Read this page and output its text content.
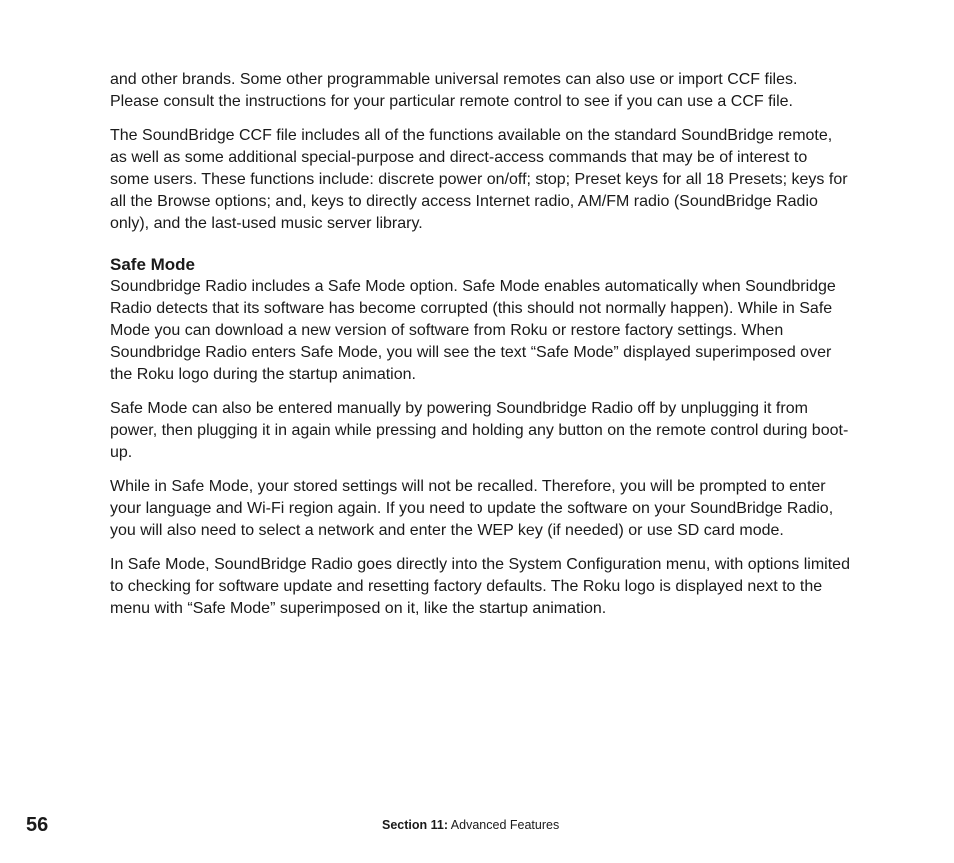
and other brands. Some other programmable universal remotes can also use or import CCF files. Please consult the instructions for your particular remote control to see if you can use a CCF file.

The SoundBridge CCF file includes all of the functions available on the standard SoundBridge remote, as well as some additional special-purpose and direct-access commands that may be of interest to some users. These functions include: discrete power on/off; stop; Preset keys for all 18 Presets; keys for all the Browse options; and, keys to directly access Internet radio, AM/FM radio (SoundBridge Radio only), and the last-used music server library.

Safe Mode

Soundbridge Radio includes a Safe Mode option. Safe Mode enables automatically when Soundbridge Radio detects that its software has become corrupted (this should not normally happen). While in Safe Mode you can download a new version of software from Roku or restore factory settings. When Soundbridge Radio enters Safe Mode, you will see the text “Safe Mode” displayed superimposed over the Roku logo during the startup animation.

Safe Mode can also be entered manually by powering Soundbridge Radio off by unplugging it from power, then plugging it in again while pressing and holding any button on the remote control during boot-up.

While in Safe Mode, your stored settings will not be recalled. Therefore, you will be prompted to enter your language and Wi-Fi region again. If you need to update the software on your SoundBridge Radio, you will also need to select a network and enter the WEP key (if needed) or use SD card mode.

In Safe Mode, SoundBridge Radio goes directly into the System Configuration menu, with options limited to checking for software update and resetting factory defaults. The Roku logo is displayed next to the menu with “Safe Mode” superimposed on it, like the startup animation.

56	Section 11: Advanced Features
